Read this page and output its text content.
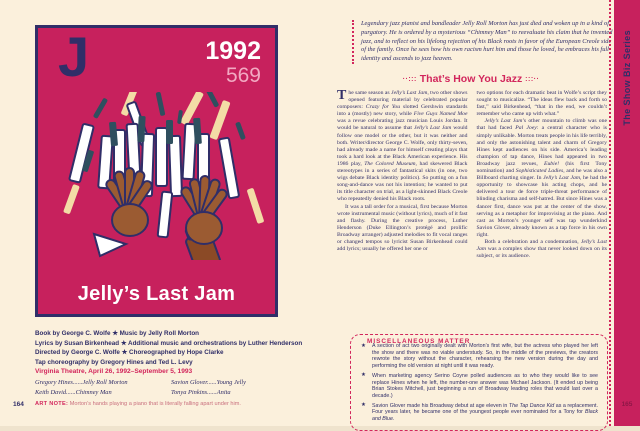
J	1992
569
Jelly’s Last Jam
Book by George C. Wolfe ★ Music by Jelly Roll Morton
Lyrics by Susan Birkenhead ★ Additional music and orchestrations by Luther Henderson
Directed by George C. Wolfe ★ Choreographed by Hope Clarke
Tap choreography by Gregory Hines and Ted L. Levy
Virginia Theatre, April 26, 1992–September 5, 1993
Gregory Hines......Jelly Roll Morton
Keith David......Chimney Man
Savion Glover......Young Jelly
Tonya Pinkins......Anita
ART NOTE: Morton’s hands playing a piano that is literally falling apart under him.
164
Legendary jazz pianist and bandleader Jelly Roll Morton has just died and woken up in a kind of purgatory. He is ordered by a mysterious “Chimney Man” to reevaluate his claim that he invented jazz, and to reflect on his lifelong rejection of his Black roots in favor of the European Creole side of the family. Once he sees how his own racism hurt him and those he loved, he embraces his full identity and ascends to jazz heaven.
··::: That’s How You Jazz :::··

The same season as Jelly’s Last Jam, two other shows opened featuring material by celebrated popular composers: Crazy for You slotted Gershwin standards into a (mostly) new story, while Five Guys Named Moe was a revue celebrating jazz musician Louis Jordan. It would be natural to assume that Jelly’s Last Jam would follow one model or the other, but it was neither and both. Writer/director George C. Wolfe, only thirty-seven, had already made a name for himself creating plays that took a hard look at the Black American experience. His 1986 play, The Colored Museum, had skewered Black stereotypes in a series of fantastical skits (in one, two wigs debate Black identity politics). So putting on a fun song-and-dance was not his intention; he wanted to put its title character on trial, as a light-skinned Black Creole who repeatedly denied his Black roots.

It was a tall order for a musical, first because Morton wrote instrumental music (without lyrics), much of it fast and flashy. During the creative process, Luther Henderson (Duke Ellington’s protégé and prolific Broadway arranger) adjusted melodies to fit vocal ranges or changed tempos so lyricist Susan Birkenhead could add lyrics; usually he offered her one or

two options for each dramatic beat in Wolfe’s script they sought to musicalize. “The ideas flew back and forth so fast,” said Birkenhead, “that in the end, we couldn’t remember who came up with what.”

Jelly’s Last Jam’s other mountain to climb was one that had faced Pal Joey: a central character who is simply unlikable. Morton treats people in his life terribly, and only the astonishing talent and charm of Gregory Hines kept audiences on his side. America’s leading champion of tap dance, Hines had appeared in two Broadway jazz revues, Eubie! (his first Tony nomination) and Sophisticated Ladies, and he was also a Billboard charting singer. In Jelly’s Last Jam, he had the opportunity to showcase his acting chops, and he delivered a tour de force triple-threat performance of blinding charisma and self-hatred. But since Hines was a dancer first, dance was put at the center of the show, serving as a metaphor for improvising at the piano. And cast as Morton’s younger self was tap wunderkind Savion Glover, already known as a tap force in his own right.

Both a celebration and a condemnation, Jelly’s Last Jam was a complex show that never looked down on its subject, or its audience.

MISCELLANEOUS MATTER
★ A section of act two originally dealt with Morton’s first wife, but the actress who played her left the show and there was no viable understudy. So, in the middle of the previews, the creators rewrote the story without the character, rehearsing the new version during the day and performing the old version at night until it was ready.
★ When marketing agency Serino Coyne polled audiences as to who they would like to see replace Hines when he left, the number-one answer was Michael Jackson. (It ended up being Brian Stokes Mitchell, just beginning a run of Broadway leading roles that would last over a decade.)
★ Savion Glover made his Broadway debut at age eleven in The Tap Dance Kid as a replacement. Four years later, he became one of the youngest people ever nominated for a Tony for Black and Blue.
The Show Biz Series
165
